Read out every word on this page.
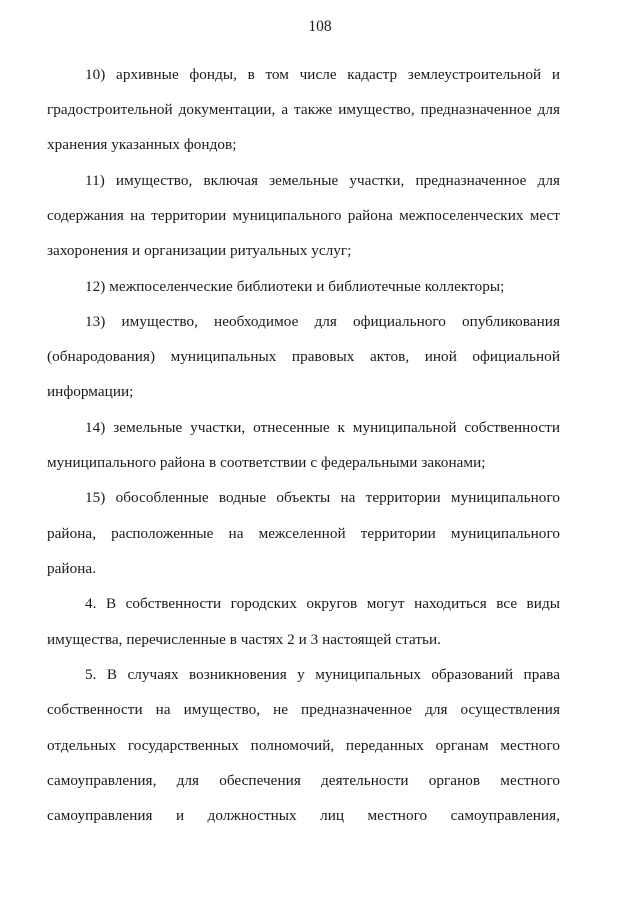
108
10) архивные фонды, в том числе кадастр землеустроительной и
градостроительной документации, а также имущество, предназначенное для
хранения указанных фондов;
11) имущество, включая земельные участки, предназначенное для
содержания на территории муниципального района межпоселенческих мест
захоронения и организации ритуальных услуг;
12) межпоселенческие библиотеки и библиотечные коллекторы;
13) имущество, необходимое для официального опубликования
(обнародования) муниципальных правовых актов, иной официальной
информации;
14) земельные участки, отнесенные к муниципальной собственности
муниципального района в соответствии с федеральными законами;
15) обособленные водные объекты на территории муниципального
района, расположенные на межселенной территории муниципального
района.
4. В собственности городских округов могут находиться все виды
имущества, перечисленные в частях 2 и 3 настоящей статьи.
5. В случаях возникновения у муниципальных образований права
собственности на имущество, не предназначенное для осуществления
отдельных государственных полномочий, переданных органам местного
самоуправления, для обеспечения деятельности органов местного
самоуправления и должностных лиц местного самоуправления,
